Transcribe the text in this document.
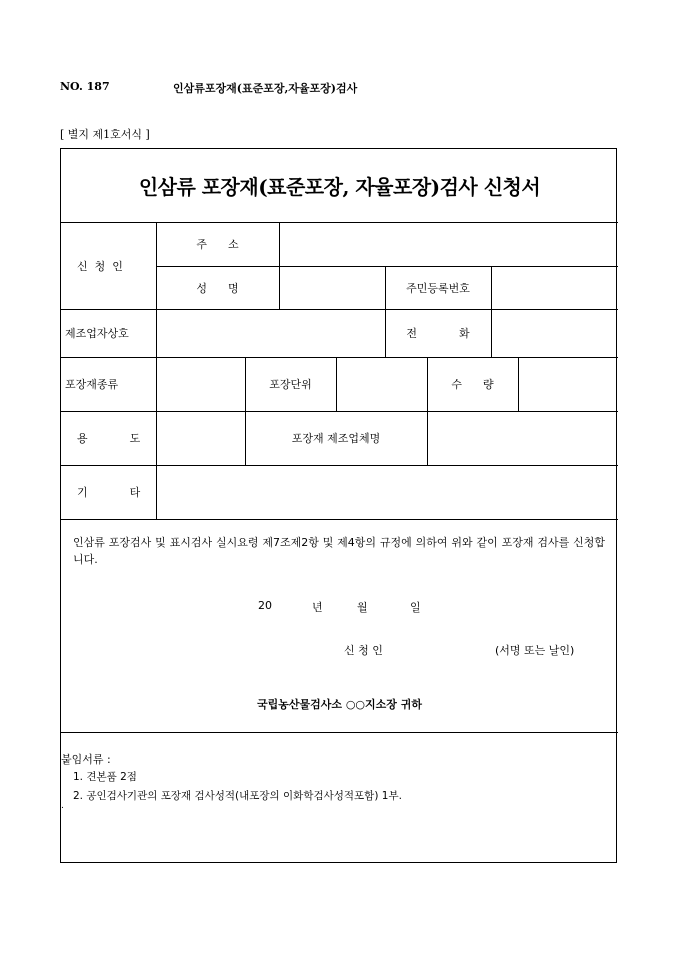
NO. 187	인삼류포장재(표준포장,자율포장)검사
[ 별지 제1호서식 ]
인삼류 포장재(표준포장, 자율포장)검사 신청서
신  청  인
주      소
성      명	주민등록번호
제조업자상호	전            화
포장재종류	포장단위	수      량
용            도	포장재 제조업체명
기            타
인삼류 포장검사 및 표시검사 실시요령 제7조제2항 및 제4항의 규정에 의하여 위와 같이 포장재 검사를 신청합니다.
20	년	월	일
신 청 인	(서명 또는 날인)
국립농산물검사소 ○○지소장 귀하
붙임서류 :
1. 견본품 2점
2. 공인검사기관의 포장재 검사성적(내포장의 이화학검사성적포함) 1부.
.
